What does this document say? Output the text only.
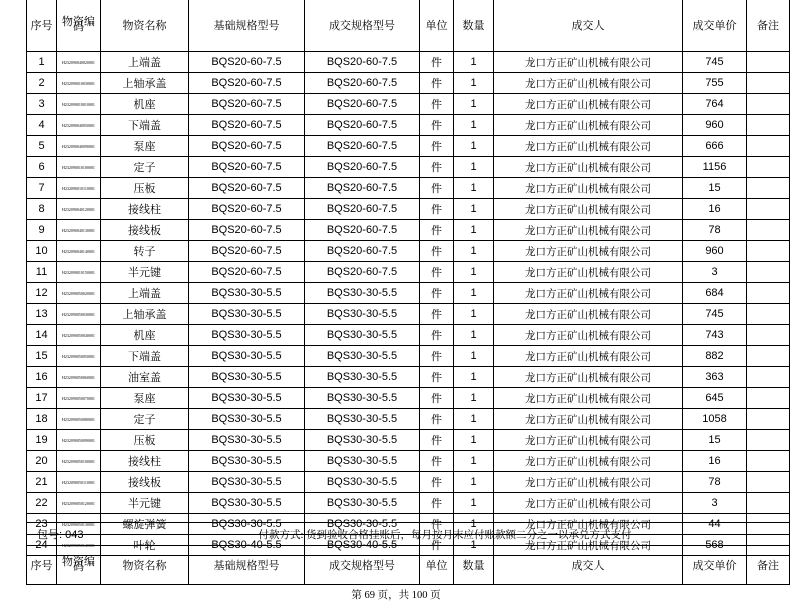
序号	物资编码	物资名称	基础规格型号	成交规格型号	单位	数量	成交人	成交单价	备注
1	H232090040020001	上端盖	BQS20-60-7.5	BQS20-60-7.5	件	1	龙口方正矿山机械有限公司	745	
2	H232090010030001	上轴承盖	BQS20-60-7.5	BQS20-60-7.5	件	1	龙口方正矿山机械有限公司	755	
3	H232090010010001	机座	BQS20-60-7.5	BQS20-60-7.5	件	1	龙口方正矿山机械有限公司	764	
4	H232090040050001	下端盖	BQS20-60-7.5	BQS20-60-7.5	件	1	龙口方正矿山机械有限公司	960	
5	H232090040090001	泵座	BQS20-60-7.5	BQS20-60-7.5	件	1	龙口方正矿山机械有限公司	666	
6	H232090010100001	定子	BQS20-60-7.5	BQS20-60-7.5	件	1	龙口方正矿山机械有限公司	1156	
7	H232090010110001	压板	BQS20-60-7.5	BQS20-60-7.5	件	1	龙口方正矿山机械有限公司	15	
8	H232090040120001	接线柱	BQS20-60-7.5	BQS20-60-7.5	件	1	龙口方正矿山机械有限公司	16	
9	H232090040130001	接线板	BQS20-60-7.5	BQS20-60-7.5	件	1	龙口方正矿山机械有限公司	78	
10	H232090040140001	转子	BQS20-60-7.5	BQS20-60-7.5	件	1	龙口方正矿山机械有限公司	960	
11	H232090010150001	半元键	BQS20-60-7.5	BQS20-60-7.5	件	1	龙口方正矿山机械有限公司	3	
12	H232090050020001	上端盖	BQS30-30-5.5	BQS30-30-5.5	件	1	龙口方正矿山机械有限公司	684	
13	H232090050030001	上轴承盖	BQS30-30-5.5	BQS30-30-5.5	件	1	龙口方正矿山机械有限公司	745	
14	H232090050040001	机座	BQS30-30-5.5	BQS30-30-5.5	件	1	龙口方正矿山机械有限公司	743	
15	H232090050050001	下端盖	BQS30-30-5.5	BQS30-30-5.5	件	1	龙口方正矿山机械有限公司	882	
16	H232090050060001	油室盖	BQS30-30-5.5	BQS30-30-5.5	件	1	龙口方正矿山机械有限公司	363	
17	H232090050070001	泵座	BQS30-30-5.5	BQS30-30-5.5	件	1	龙口方正矿山机械有限公司	645	
18	H232090050080001	定子	BQS30-30-5.5	BQS30-30-5.5	件	1	龙口方正矿山机械有限公司	1058	
19	H232090050090001	压板	BQS30-30-5.5	BQS30-30-5.5	件	1	龙口方正矿山机械有限公司	15	
20	H232090050100001	接线柱	BQS30-30-5.5	BQS30-30-5.5	件	1	龙口方正矿山机械有限公司	16	
21	H232090050110001	接线板	BQS30-30-5.5	BQS30-30-5.5	件	1	龙口方正矿山机械有限公司	78	
22	H232090050120001	半元键	BQS30-30-5.5	BQS30-30-5.5	件	1	龙口方正矿山机械有限公司	3	
23	H232090050130001	螺旋弹簧	BQS30-30-5.5	BQS30-30-5.5	件	1	龙口方正矿山机械有限公司	44	
24	H232090050140001	叶轮	BQS30-40-5.5	BQS30-40-5.5	件	1	龙口方正矿山机械有限公司	568	
包号: 043		付款方式: 货到验收合格挂账后，每月按月末应付账款额二分之一以承兑方式支付							
序号	物资编码	物资名称	基础规格型号	成交规格型号	单位	数量	成交人	成交单价	备注
第 69 页，共 100 页
